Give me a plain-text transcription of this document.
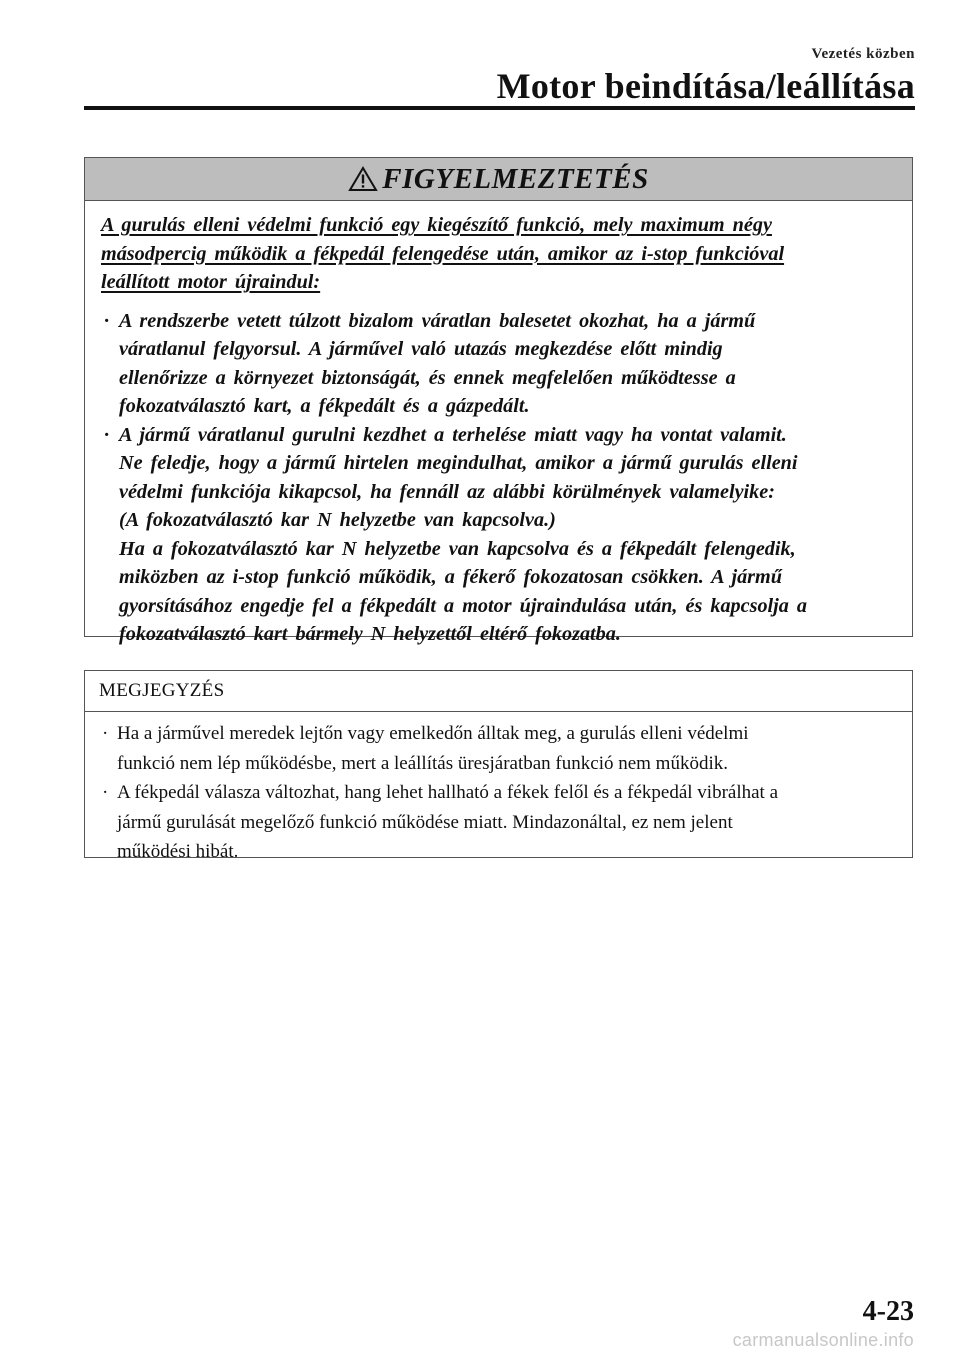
Vezetés közben
Motor beindítása/leállítása
FIGYELMEZTETÉS

A gurulás elleni védelmi funkció egy kiegészítő funkció, mely maximum négy
másodpercig működik a fékpedál felengedése után, amikor az i-stop funkcióval
leállított motor újraindul:

· A rendszerbe vetett túlzott bizalom váratlan balesetet okozhat, ha a jármű
váratlanul felgyorsul. A járművel való utazás megkezdése előtt mindig
ellenőrizze a környezet biztonságát, és ennek megfelelően működtesse a
fokozatválasztó kart, a fékpedált és a gázpedált.
· A jármű váratlanul gurulni kezdhet a terhelése miatt vagy ha vontat valamit.
Ne feledje, hogy a jármű hirtelen megindulhat, amikor a jármű gurulás elleni
védelmi funkciója kikapcsol, ha fennáll az alábbi körülmények valamelyike:
(A fokozatválasztó kar N helyzetbe van kapcsolva.)
Ha a fokozatválasztó kar N helyzetbe van kapcsolva és a fékpedált felengedik,
miközben az i-stop funkció működik, a fékerő fokozatosan csökken. A jármű
gyorsításához engedje fel a fékpedált a motor újraindulása után, és kapcsolja a
fokozatválasztó kart bármely N helyzettől eltérő fokozatba.
MEGJEGYZÉS
· Ha a járművel meredek lejtőn vagy emelkedőn álltak meg, a gurulás elleni védelmi
funkció nem lép működésbe, mert a leállítás üresjáratban funkció nem működik.
· A fékpedál válasza változhat, hang lehet hallható a fékek felől és a fékpedál vibrálhat a
jármű gurulását megelőző funkció működése miatt. Mindazonáltal, ez nem jelent
működési hibát.
4-23
carmanualsonline.info
